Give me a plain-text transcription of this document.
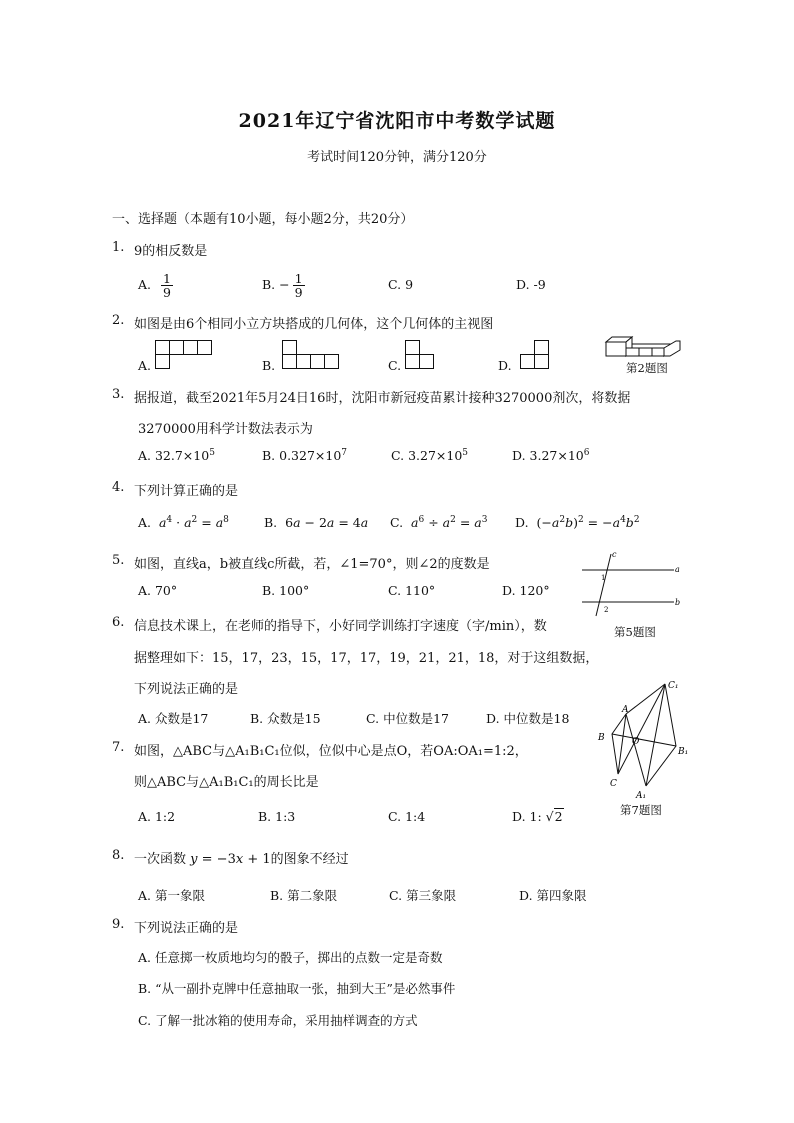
2021年辽宁省沈阳市中考数学试题
考试时间120分钟，满分120分
一、选择题（本题有10小题，每小题2分，共20分）
1. 9的相反数是
A. $\frac{1}{9}$	B. − $\frac{1}{9}$	C. 9	D. -9
2. 如图是由6个相同小立方块搭成的几何体，这个几何体的主视图
A.	B.	C.	D.	第2题图
3. 据报道，截至2021年5月24日16时，沈阳市新冠疫苗累计接种3270000剂次，将数据
3270000用科学计数法表示为
A. $32.7\times 10^5$	B. $0.327\times 10^7$	C. $3.27\times 10^5$	D. $3.27\times 10^6$
4. 下列计算正确的是
A. $a^4 \cdot a^2 = a^8$	B.  6a − 2a = 4a C. $a^6 \div a^2 = a^3$ D.  $(-a^2b)^2 = -a^4b^2$
5. 如图，直线a，b被直线c所截，若，∠1=70°，则∠2的度数是
A. 70°	B. 100°	C. 110°	D. 120°
c
a
b
1
2
第5题图
6. 信息技术课上，在老师的指导下，小好同学训练打字速度（字/min），数
据整理如下：15，17，23，15，17，17，19，21，21，18，对于这组数据，
下列说法正确的是
A. 众数是17	B. 众数是15	C. 中位数是17	D. 中位数是18
7. 如图，△ABC与△A₁B₁C₁位似，位似中心是点O，若OA:OA₁=1:2，
则△ABC与△A₁B₁C₁的周长比是
A. 1:2	B. 1:3	C. 1:4	D. 1: √2
A
B
C
O
A₁
B₁
C₁
第7题图
8. 一次函数 y = −3x + 1的图象不经过
A. 第一象限	B. 第二象限	C. 第三象限	D. 第四象限
9. 下列说法正确的是
A. 任意掷一枚质地均匀的骰子，掷出的点数一定是奇数
B. “从一副扑克牌中任意抽取一张，抽到大王”是必然事件
C. 了解一批冰箱的使用寿命，采用抽样调查的方式
